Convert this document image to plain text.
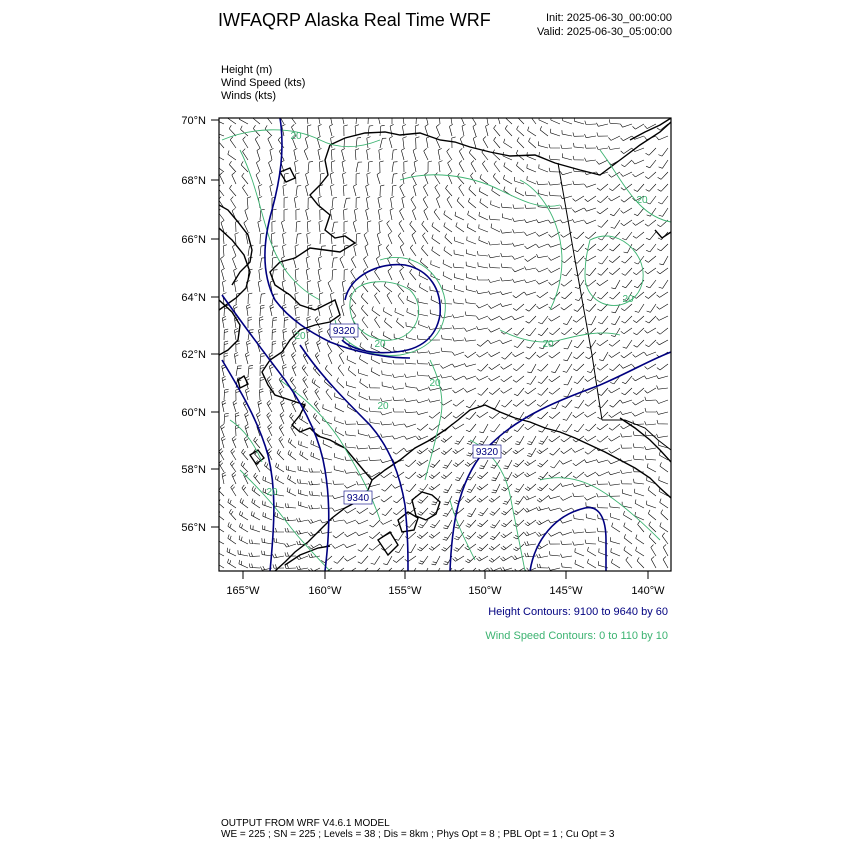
IWFAQRP Alaska Real Time WRF	Init: 2025-06-30_00:00:00
Valid: 2025-06-30_05:00:00
Height (m)
Wind Speed (kts)
Winds (kts)
70°N
68°N
66°N
64°N
62°N
60°N
58°N
56°N
165°W	160°W	155°W	150°W	145°W	140°W
9320
9320
9340
20
20
20	20
20
20
20
20
20
Height Contours: 9100 to 9640 by 60
Wind Speed Contours: 0 to 110 by 10
OUTPUT FROM WRF V4.6.1 MODEL
WE = 225 ; SN = 225 ; Levels = 38 ; Dis = 8km ; Phys Opt = 8 ; PBL Opt = 1 ; Cu Opt = 3
